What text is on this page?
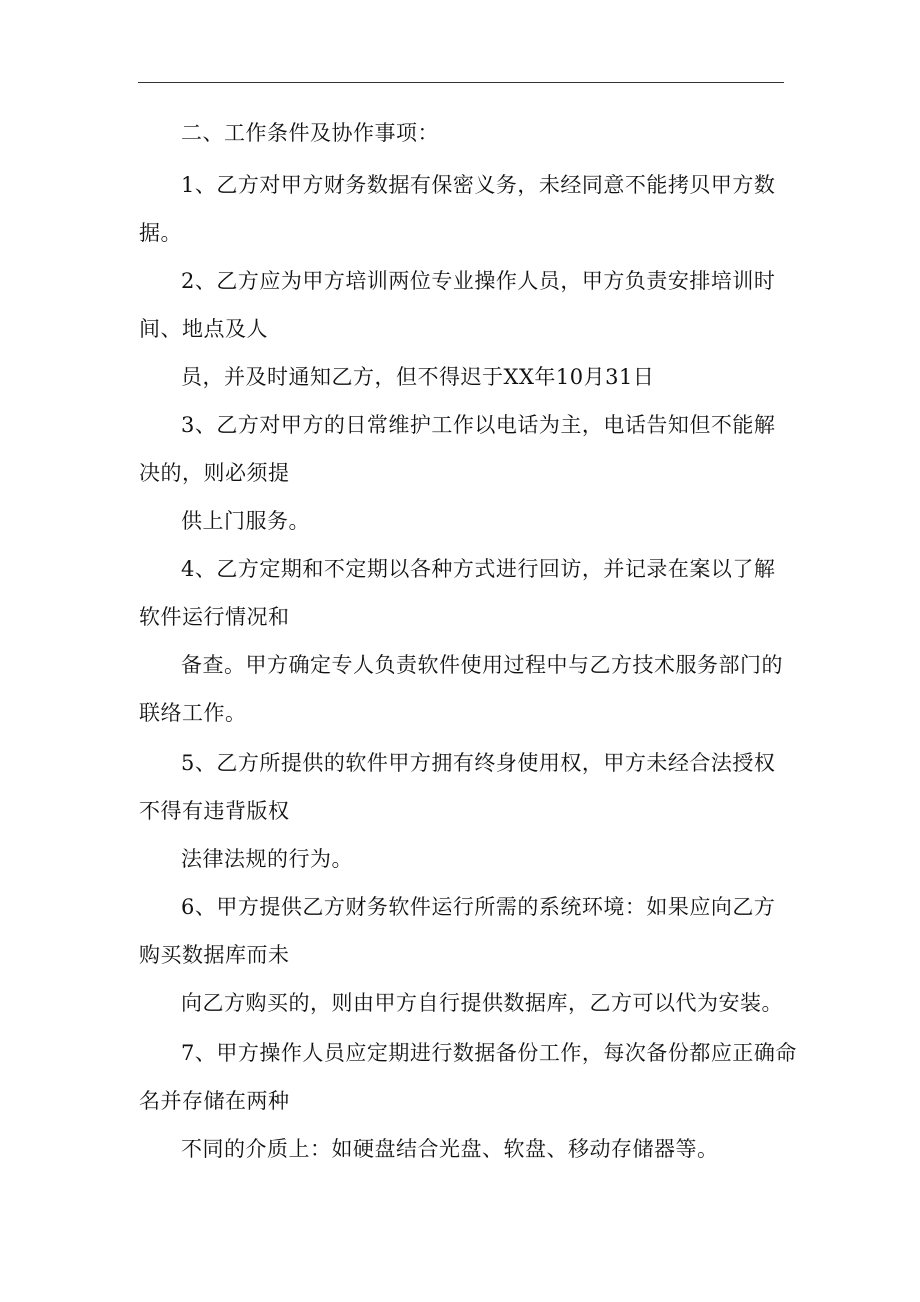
二、工作条件及协作事项：
1、乙方对甲方财务数据有保密义务，未经同意不能拷贝甲方数
据。
2、乙方应为甲方培训两位专业操作人员，甲方负责安排培训时
间、地点及人
员，并及时通知乙方，但不得迟于XX年10月31日
3、乙方对甲方的日常维护工作以电话为主，电话告知但不能解
决的，则必须提
供上门服务。
4、乙方定期和不定期以各种方式进行回访，并记录在案以了解
软件运行情况和
备查。甲方确定专人负责软件使用过程中与乙方技术服务部门的
联络工作。
5、乙方所提供的软件甲方拥有终身使用权，甲方未经合法授权
不得有违背版权
法律法规的行为。
6、甲方提供乙方财务软件运行所需的系统环境：如果应向乙方
购买数据库而未
向乙方购买的，则由甲方自行提供数据库，乙方可以代为安装。
7、甲方操作人员应定期进行数据备份工作，每次备份都应正确命
名并存储在两种
不同的介质上：如硬盘结合光盘、软盘、移动存储器等。
